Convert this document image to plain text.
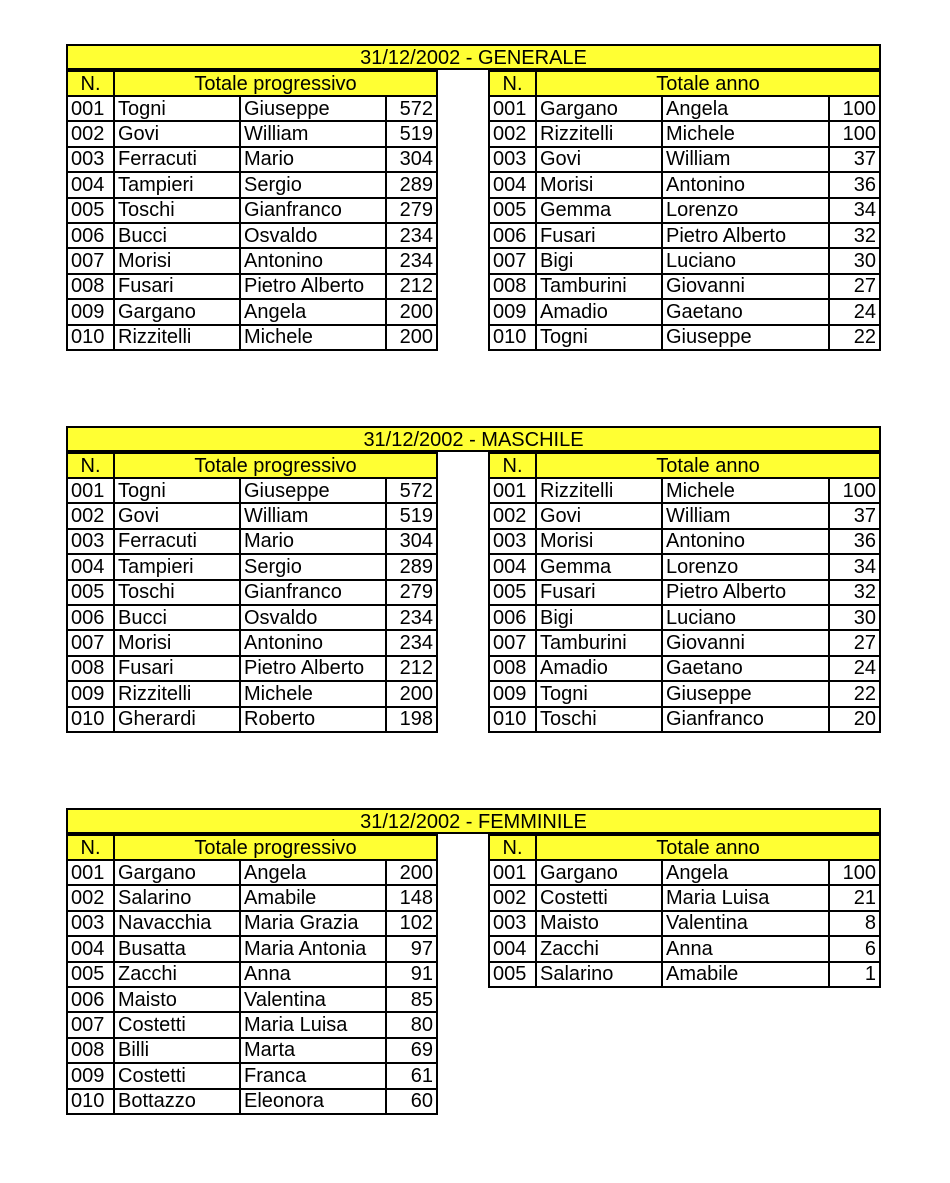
31/12/2002 - GENERALE
N.	Totale progressivo		
001	Togni	Giuseppe	572
002	Govi	William	519
003	Ferracuti	Mario	304
004	Tampieri	Sergio	289
005	Toschi	Gianfranco	279
006	Bucci	Osvaldo	234
007	Morisi	Antonino	234
008	Fusari	Pietro Alberto	212
009	Gargano	Angela	200
010	Rizzitelli	Michele	200
N.	Totale anno		
001	Gargano	Angela	100
002	Rizzitelli	Michele	100
003	Govi	William	37
004	Morisi	Antonino	36
005	Gemma	Lorenzo	34
006	Fusari	Pietro Alberto	32
007	Bigi	Luciano	30
008	Tamburini	Giovanni	27
009	Amadio	Gaetano	24
010	Togni	Giuseppe	22
31/12/2002 - MASCHILE
N.	Totale progressivo		
001	Togni	Giuseppe	572
002	Govi	William	519
003	Ferracuti	Mario	304
004	Tampieri	Sergio	289
005	Toschi	Gianfranco	279
006	Bucci	Osvaldo	234
007	Morisi	Antonino	234
008	Fusari	Pietro Alberto	212
009	Rizzitelli	Michele	200
010	Gherardi	Roberto	198
N.	Totale anno		
001	Rizzitelli	Michele	100
002	Govi	William	37
003	Morisi	Antonino	36
004	Gemma	Lorenzo	34
005	Fusari	Pietro Alberto	32
006	Bigi	Luciano	30
007	Tamburini	Giovanni	27
008	Amadio	Gaetano	24
009	Togni	Giuseppe	22
010	Toschi	Gianfranco	20
31/12/2002 - FEMMINILE
N.	Totale progressivo		
001	Gargano	Angela	200
002	Salarino	Amabile	148
003	Navacchia	Maria Grazia	102
004	Busatta	Maria Antonia	97
005	Zacchi	Anna	91
006	Maisto	Valentina	85
007	Costetti	Maria Luisa	80
008	Billi	Marta	69
009	Costetti	Franca	61
010	Bottazzo	Eleonora	60
N.	Totale anno		
001	Gargano	Angela	100
002	Costetti	Maria Luisa	21
003	Maisto	Valentina	8
004	Zacchi	Anna	6
005	Salarino	Amabile	1
